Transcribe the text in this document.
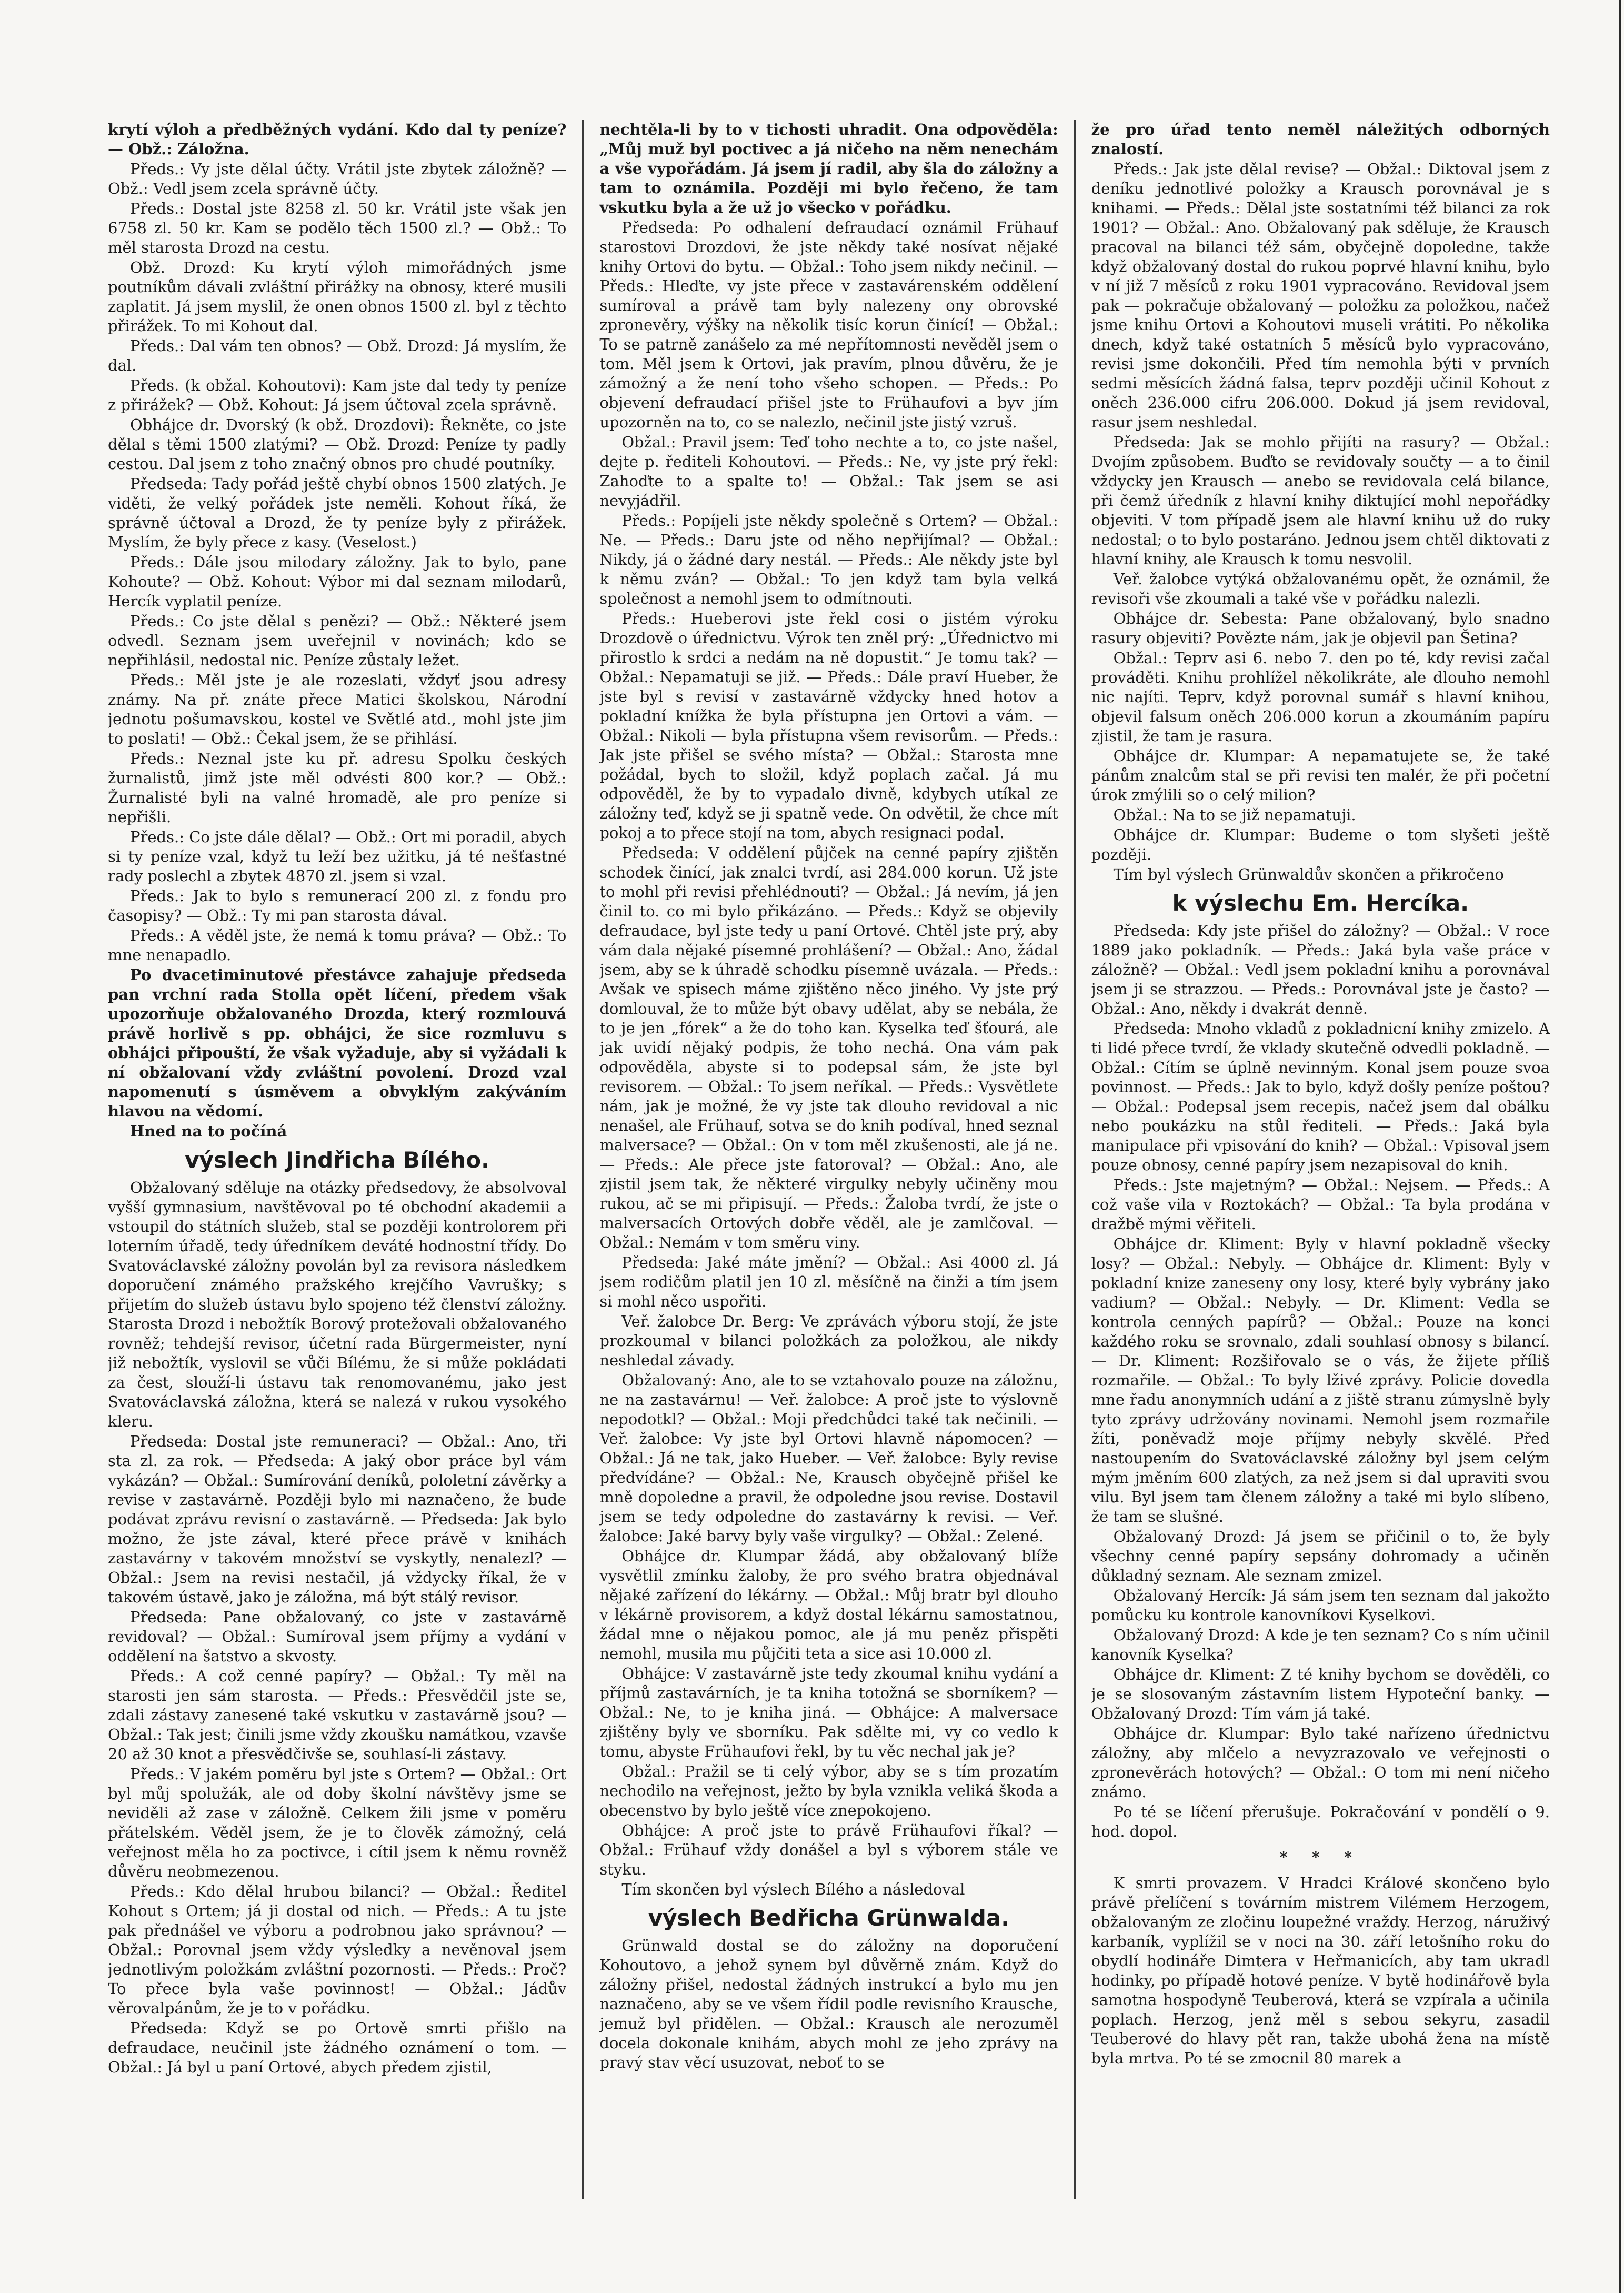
krytí výloh a předběžných vydání. Kdo dal ty peníze? — Obž.: Záložna.

Předs.: Vy jste dělal účty. Vrátil jste zbytek záložně? — Obž.: Vedl jsem zcela správně účty.

Předs.: Dostal jste 8258 zl. 50 kr. Vrátil jste však jen 6758 zl. 50 kr. Kam se podělo těch 1500 zl.? — Obž.: To měl starosta Drozd na cestu.

Obž. Drozd: Ku krytí výloh mimořádných jsme poutníkům dávali zvláštní přirážky na obnosy, které musili zaplatit. Já jsem myslil, že onen obnos 1500 zl. byl z těchto přirážek. To mi Kohout dal.

Předs.: Dal vám ten obnos? — Obž. Drozd: Já myslím, že dal.

Předs. (k obžal. Kohoutovi): Kam jste dal tedy ty peníze z přirážek? — Obž. Kohout: Já jsem účtoval zcela správně.

Obhájce dr. Dvorský (k obž. Drozdovi): Řekněte, co jste dělal s těmi 1500 zlatými? — Obž. Drozd: Peníze ty padly cestou. Dal jsem z toho značný obnos pro chudé poutníky.

Předseda: Tady pořád ještě chybí obnos 1500 zlatých. Je viděti, že velký pořádek jste neměli. Kohout říká, že správně účtoval a Drozd, že ty peníze byly z přirážek. Myslím, že byly přece z kasy. (Veselost.)

Předs.: Dále jsou milodary záložny. Jak to bylo, pane Kohoute? — Obž. Kohout: Výbor mi dal seznam milodarů, Hercík vyplatil peníze.

Předs.: Co jste dělal s penězi? — Obž.: Některé jsem odvedl. Seznam jsem uveřejnil v novinách; kdo se nepřihlásil, nedostal nic. Peníze zůstaly ležet.

Předs.: Měl jste je ale rozeslati, vždyť jsou adresy známy. Na př. znáte přece Matici školskou, Národní jednotu pošumavskou, kostel ve Světlé atd., mohl jste jim to poslati! — Obž.: Čekal jsem, že se přihlásí.

Předs.: Neznal jste ku př. adresu Spolku českých žurnalistů, jimž jste měl odvésti 800 kor.? — Obž.: Žurnalisté byli na valné hromadě, ale pro peníze si nepřišli.

Předs.: Co jste dále dělal? — Obž.: Ort mi poradil, abych si ty peníze vzal, když tu leží bez užitku, já té nešťastné rady poslechl a zbytek 4870 zl. jsem si vzal.

Předs.: Jak to bylo s remunerací 200 zl. z fondu pro časopisy? — Obž.: Ty mi pan starosta dával.

Předs.: A věděl jste, že nemá k tomu práva? — Obž.: To mne nenapadlo.

Po dvacetiminutové přestávce zahajuje předseda pan vrchní rada Stolla opět líčení, předem však upozorňuje obžalovaného Drozda, který rozmlouvá právě horlivě s pp. obhájci, že sice rozmluvu s obhájci připouští, že však vyžaduje, aby si vyžádali k ní obžalovaní vždy zvláštní povolení. Drozd vzal napomenutí s úsměvem a obvyklým zakýváním hlavou na vědomí.

Hned na to počíná

výslech Jindřicha Bílého.

Obžalovaný sděluje na otázky předsedovy, že absolvoval vyšší gymnasium, navštěvoval po té obchodní akademii a vstoupil do státních služeb, stal se později kontrolorem při loterním úřadě, tedy úředníkem deváté hodnostní třídy. Do Svatováclavské záložny povolán byl za revisora následkem doporučení známého pražského krejčího Vavrušky; s přijetím do služeb ústavu bylo spojeno též členství záložny. Starosta Drozd i nebožtík Borový protežovali obžalovaného rovněž; tehdejší revisor, účetní rada Bürgermeister, nyní již nebožtík, vyslovil se vůči Bílému, že si může pokládati za čest, slouží-li ústavu tak renomovanému, jako jest Svatováclavská záložna, která se nalezá v rukou vysokého kleru.

Předseda: Dostal jste remuneraci? — Obžal.: Ano, tři sta zl. za rok. — Předseda: A jaký obor práce byl vám vykázán? — Obžal.: Sumírování deníků, pololetní závěrky a revise v zastavárně. Později bylo mi naznačeno, že bude podávat zprávu revisní o zastavárně. — Předseda: Jak bylo možno, že jste zával, které přece právě v knihách zastavárny v takovém množství se vyskytly, nenalezl? — Obžal.: Jsem na revisi nestačil, já vždycky říkal, že v takovém ústavě, jako je záložna, má být stálý revisor.

Předseda: Pane obžalovaný, co jste v zastavárně revidoval? — Obžal.: Sumíroval jsem příjmy a vydání v oddělení na šatstvo a skvosty.

Předs.: A což cenné papíry? — Obžal.: Ty měl na starosti jen sám starosta. — Předs.: Přesvědčil jste se, zdali zástavy zanesené také vskutku v zastavárně jsou? — Obžal.: Tak jest; činili jsme vždy zkoušku namátkou, vzavše 20 až 30 knot a přesvědčivše se, souhlasí-li zástavy.

Předs.: V jakém poměru byl jste s Ortem? — Obžal.: Ort byl můj spolužák, ale od doby školní návštěvy jsme se neviděli až zase v záložně. Celkem žili jsme v poměru přátelském. Věděl jsem, že je to člověk zámožný, celá veřejnost měla ho za poctivce, i cítil jsem k němu rovněž důvěru neobmezenou.

Předs.: Kdo dělal hrubou bilanci? — Obžal.: Ředitel Kohout s Ortem; já ji dostal od nich. — Předs.: A tu jste pak přednášel ve výboru a podrobnou jako správnou? — Obžal.: Porovnal jsem vždy výsledky a nevěnoval jsem jednotlivým položkám zvláštní pozornosti. — Předs.: Proč? To přece byla vaše povinnost! — Obžal.: Jádův věrovalpánům, že je to v pořádku.

Předseda: Když se po Ortově smrti přišlo na defraudace, neučinil jste žádného oznámení o tom. — Obžal.: Já byl u paní Ortové, abych předem zjistil,

nechtěla-li by to v tichosti uhradit. Ona odpověděla: „Můj muž byl poctivec a já ničeho na něm nenechám a vše vypořádám. Já jsem jí radil, aby šla do záložny a tam to oznámila. Později mi bylo řečeno, že tam vskutku byla a že už jo všecko v pořádku.

Předseda: Po odhalení defraudací oznámil Frühauf starostovi Drozdovi, že jste někdy také nosívat nějaké knihy Ortovi do bytu. — Obžal.: Toho jsem nikdy nečinil. — Předs.: Hleďte, vy jste přece v zastavárenském oddělení sumíroval a právě tam byly nalezeny ony obrovské zpronevěry, výšky na několik tisíc korun činící! — Obžal.: To se patrně zanášelo za mé nepřítomnosti nevěděl jsem o tom. Měl jsem k Ortovi, jak pravím, plnou důvěru, že je zámožný a že není toho všeho schopen. — Předs.: Po objevení defraudací přišel jste to Frühaufovi a byv jím upozorněn na to, co se nalezlo, nečinil jste jistý vzruš.

Obžal.: Pravil jsem: Teď toho nechte a to, co jste našel, dejte p. řediteli Kohoutovi. — Předs.: Ne, vy jste prý řekl: Zahoďte to a spalte to! — Obžal.: Tak jsem se asi nevyjádřil.

Předs.: Popíjeli jste někdy společně s Ortem? — Obžal.: Ne. — Předs.: Daru jste od něho nepřijímal? — Obžal.: Nikdy, já o žádné dary nestál. — Předs.: Ale někdy jste byl k němu zván? — Obžal.: To jen když tam byla velká společnost a nemohl jsem to odmítnouti.

Předs.: Hueberovi jste řekl cosi o jistém výroku Drozdově o úřednictvu. Výrok ten zněl prý: „Úřednictvo mi přirostlo k srdci a nedám na ně dopustit.“ Je tomu tak? — Obžal.: Nepamatuji se již. — Předs.: Dále praví Hueber, že jste byl s revisí v zastavárně vždycky hned hotov a pokladní knížka že byla přístupna jen Ortovi a vám. — Obžal.: Nikoli — byla přístupna všem revisorům. — Předs.: Jak jste přišel se svého místa? — Obžal.: Starosta mne požádal, bych to složil, když poplach začal. Já mu odpověděl, že by to vypadalo divně, kdybych utíkal ze záložny teď, když se ji spatně vede. On odvětil, že chce mít pokoj a to přece stojí na tom, abych resignaci podal.

Předseda: V oddělení půjček na cenné papíry zjištěn schodek činící, jak znalci tvrdí, asi 284.000 korun. Už jste to mohl při revisi přehlédnouti? — Obžal.: Já nevím, já jen činil to. co mi bylo přikázáno. — Předs.: Když se objevily defraudace, byl jste tedy u paní Ortové. Chtěl jste prý, aby vám dala nějaké písemné prohlášení? — Obžal.: Ano, žádal jsem, aby se k úhradě schodku písemně uvázala. — Předs.: Avšak ve spisech máme zjištěno něco jiného. Vy jste prý domlouval, že to může být obavy udělat, aby se nebála, že to je jen „fórek“ a že do toho kan. Kyselka teď šťourá, ale jak uvidí nějaký podpis, že toho nechá. Ona vám pak odpověděla, abyste si to podepsal sám, že jste byl revisorem. — Obžal.: To jsem neříkal. — Předs.: Vysvětlete nám, jak je možné, že vy jste tak dlouho revidoval a nic nenašel, ale Frühauf, sotva se do knih podíval, hned seznal malversace? — Obžal.: On v tom měl zkušenosti, ale já ne. — Předs.: Ale přece jste fatoroval? — Obžal.: Ano, ale zjistil jsem tak, že některé virgulky nebyly učiněny mou rukou, ač se mi připisují. — Předs.: Žaloba tvrdí, že jste o malversacích Ortových dobře věděl, ale je zamlčoval. — Obžal.: Nemám v tom směru viny.

Předseda: Jaké máte jmění? — Obžal.: Asi 4000 zl. Já jsem rodičům platil jen 10 zl. měsíčně na činži a tím jsem si mohl něco uspořiti.

Veř. žalobce Dr. Berg: Ve zprávách výboru stojí, že jste prozkoumal v bilanci položkách za položkou, ale nikdy neshledal závady.

Obžalovaný: Ano, ale to se vztahovalo pouze na záložnu, ne na zastavárnu! — Veř. žalobce: A proč jste to výslovně nepodotkl? — Obžal.: Moji předchůdci také tak nečinili. — Veř. žalobce: Vy jste byl Ortovi hlavně nápomocen? — Obžal.: Já ne tak, jako Hueber. — Veř. žalobce: Byly revise předvídáne? — Obžal.: Ne, Krausch obyčejně přišel ke mně dopoledne a pravil, že odpoledne jsou revise. Dostavil jsem se tedy odpoledne do zastavárny k revisi. — Veř. žalobce: Jaké barvy byly vaše virgulky? — Obžal.: Zelené.

Obhájce dr. Klumpar žádá, aby obžalovaný blíže vysvětlil zmínku žaloby, že pro svého bratra objednával nějaké zařízení do lékárny. — Obžal.: Můj bratr byl dlouho v lékárně provisorem, a když dostal lékárnu samostatnou, žádal mne o nějakou pomoc, ale já mu peněz přispěti nemohl, musila mu půjčiti teta a sice asi 10.000 zl.

Obhájce: V zastavárně jste tedy zkoumal knihu vydání a příjmů zastavárních, je ta kniha totožná se sborníkem? — Obžal.: Ne, to je kniha jiná. — Obhájce: A malversace zjištěny byly ve sborníku. Pak sdělte mi, vy co vedlo k tomu, abyste Frühaufovi řekl, by tu věc nechal jak je?

Obžal.: Pražil se ti celý výbor, aby se s tím prozatím nechodilo na veřejnost, ježto by byla vznikla veliká škoda a obecenstvo by bylo ještě více znepokojeno.

Obhájce: A proč jste to právě Frühaufovi říkal? — Obžal.: Frühauf vždy donášel a byl s výborem stále ve styku.

Tím skončen byl výslech Bílého a následoval

výslech Bedřicha Grünwalda.

Grünwald dostal se do záložny na doporučení Kohoutovo, a jehož synem byl důvěrně znám. Když do záložny přišel, nedostal žádných instrukcí a bylo mu jen naznačeno, aby se ve všem řídil podle revisního Krausche, jemuž byl přidělen. — Obžal.: Krausch ale nerozuměl docela dokonale knihám, abych mohl ze jeho zprávy na pravý stav věcí usuzovat, neboť to se

že pro úřad tento neměl náležitých odborných znalostí.

Předs.: Jak jste dělal revise? — Obžal.: Diktoval jsem z deníku jednotlivé položky a Krausch porovnával je s knihami. — Předs.: Dělal jste sostatními též bilanci za rok 1901? — Obžal.: Ano. Obžalovaný pak sděluje, že Krausch pracoval na bilanci též sám, obyčejně dopoledne, takže když obžalovaný dostal do rukou poprvé hlavní knihu, bylo v ní již 7 měsíců z roku 1901 vypracováno. Revidoval jsem pak — pokračuje obžalovaný — položku za položkou, načež jsme knihu Ortovi a Kohoutovi museli vrátiti. Po několika dnech, když také ostatních 5 měsíců bylo vypracováno, revisi jsme dokončili. Před tím nemohla býti v prvních sedmi měsících žádná falsa, teprv později učinil Kohout z oněch 236.000 cifru 206.000. Dokud já jsem revidoval, rasur jsem neshledal.

Předseda: Jak se mohlo přijíti na rasury? — Obžal.: Dvojím způsobem. Buďto se revidovaly součty — a to činil vždycky jen Krausch — anebo se revidovala celá bilance, při čemž úředník z hlavní knihy diktující mohl nepořádky objeviti. V tom případě jsem ale hlavní knihu už do ruky nedostal; o to bylo postaráno. Jednou jsem chtěl diktovati z hlavní knihy, ale Krausch k tomu nesvolil.

Veř. žalobce vytýká obžalovanému opět, že oznámil, že revisoři vše zkoumali a také vše v pořádku nalezli.

Obhájce dr. Sebesta: Pane obžalovaný, bylo snadno rasury objeviti? Povězte nám, jak je objevil pan Šetina?

Obžal.: Teprv asi 6. nebo 7. den po té, kdy revisi začal prováděti. Knihu prohlížel několikráte, ale dlouho nemohl nic najíti. Teprv, když porovnal sumář s hlavní knihou, objevil falsum oněch 206.000 korun a zkoumáním papíru zjistil, že tam je rasura.

Obhájce dr. Klumpar: A nepamatujete se, že také pánům znalcům stal se při revisi ten malér, že při početní úrok zmýlili so o celý milion?

Obžal.: Na to se již nepamatuji.

Obhájce dr. Klumpar: Budeme o tom slyšeti ještě později.

Tím byl výslech Grünwaldův skončen a přikročeno

k výslechu Em. Hercíka.

Předseda: Kdy jste přišel do záložny? — Obžal.: V roce 1889 jako pokladník. — Předs.: Jaká byla vaše práce v záložně? — Obžal.: Vedl jsem pokladní knihu a porovnával jsem ji se strazzou. — Předs.: Porovnával jste je často? — Obžal.: Ano, někdy i dvakrát denně.

Předseda: Mnoho vkladů z pokladnicní knihy zmizelo. A ti lidé přece tvrdí, že vklady skutečně odvedli pokladně. — Obžal.: Cítím se úplně nevinným. Konal jsem pouze svoa povinnost. — Předs.: Jak to bylo, když došly peníze poštou? — Obžal.: Podepsal jsem recepis, načež jsem dal obálku nebo poukázku na stůl řediteli. — Předs.: Jaká byla manipulace při vpisování do knih? — Obžal.: Vpisoval jsem pouze obnosy, cenné papíry jsem nezapisoval do knih.

Předs.: Jste majetným? — Obžal.: Nejsem. — Předs.: A což vaše vila v Roztokách? — Obžal.: Ta byla prodána v dražbě mými věřiteli.

Obhájce dr. Kliment: Byly v hlavní pokladně všecky losy? — Obžal.: Nebyly. — Obhájce dr. Kliment: Byly v pokladní knize zaneseny ony losy, které byly vybrány jako vadium? — Obžal.: Nebyly. — Dr. Kliment: Vedla se kontrola cenných papírů? — Obžal.: Pouze na konci každého roku se srovnalo, zdali souhlasí obnosy s bilancí. — Dr. Kliment: Rozšiřovalo se o vás, že žijete příliš rozmařile. — Obžal.: To byly lživé zprávy. Policie dovedla mne řadu anonymních udání a z jiště stranu zúmyslně byly tyto zprávy udržovány novinami. Nemohl jsem rozmařile žíti, poněvadž moje příjmy nebyly skvělé. Před nastoupením do Svatováclavské záložny byl jsem celým mým jměním 600 zlatých, za než jsem si dal upraviti svou vilu. Byl jsem tam členem záložny a také mi bylo slíbeno, že tam se slušné.

Obžalovaný Drozd: Já jsem se přičinil o to, že byly všechny cenné papíry sepsány dohromady a učiněn důkladný seznam. Ale seznam zmizel.

Obžalovaný Hercík: Já sám jsem ten seznam dal jakožto pomůcku ku kontrole kanovníkovi Kyselkovi.

Obžalovaný Drozd: A kde je ten seznam? Co s ním učinil kanovník Kyselka?

Obhájce dr. Kliment: Z té knihy bychom se dověděli, co je se slosovaným zástavním listem Hypoteční banky. — Obžalovaný Drozd: Tím vám já také.

Obhájce dr. Klumpar: Bylo také nařízeno úřednictvu záložny, aby mlčelo a nevyzrazovalo ve veřejnosti o zpronevěrách hotových? — Obžal.: O tom mi není ničeho známo.

Po té se líčení přerušuje. Pokračování v pondělí o 9. hod. dopol.

* * *

K smrti provazem. V Hradci Králové skončeno bylo právě přelíčení s továrním mistrem Vilémem Herzogem, obžalovaným ze zločinu loupežné vraždy. Herzog, náruživý karbaník, vyplížil se v noci na 30. září letošního roku do obydlí hodináře Dimtera v Heřmanicích, aby tam ukradl hodinky, po případě hotové peníze. V bytě hodinářově byla samotna hospodyně Teuberová, která se vzpírala a učinila poplach. Herzog, jenž měl s sebou sekyru, zasadil Teuberové do hlavy pět ran, takže ubohá žena na místě byla mrtva. Po té se zmocnil 80 marek a
